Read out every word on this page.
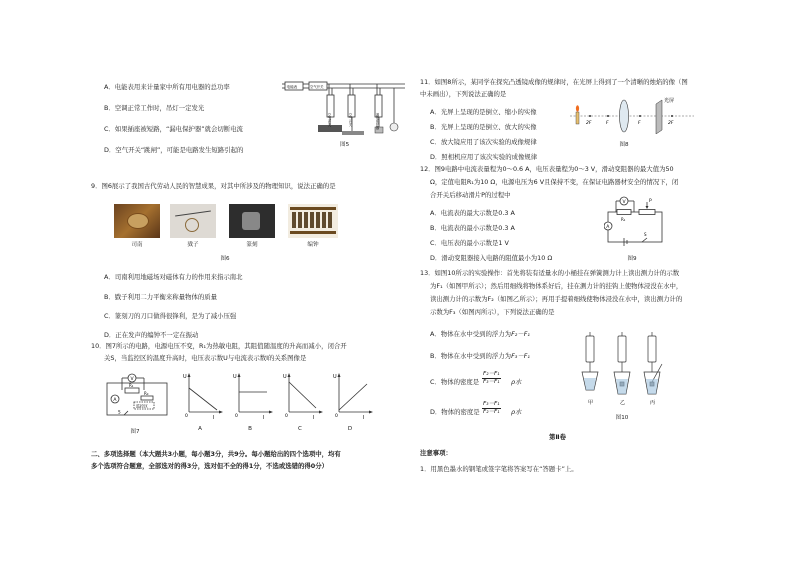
A．电能表用来计量家中所有用电器的总功率
B．空调正常工作时，吊灯一定发光
C．如果插座被短路，“漏电保护器”就会切断电流
D．空气开关“跳闸”，可能是电路发生短路引起的
电能表	空气开关
空气开关	空气开关	漏电保护器
图5
9．图6展示了我国古代劳动人民的智慧成果，对其中所涉及的物理知识，说法正确的是
司南	戥子	篆刻	编钟
图6
A．司南利用地磁场对磁体有力的作用来指示南北
B．戥子利用二力平衡来称量物体的质量
C．篆刻刀的刀口做得很锋利，是为了减小压强
D．正在发声的编钟不一定在振动
10．图7所示的电路，电源电压不变，R₁为热敏电阻，其阻值随温度的升高而减小，闭合开
关S，当监控区的温度升高时，电压表示数U与电流表示数I的关系图像是
V
A
R₁
R₀
监控区
S
图7
U
I
0
U
I
0
U
I
0
U
I
0
A	B	C	D
二、多项选择题（本大题共3小题，每小题3分，共9分。每小题给出的四个选项中，均有
多个选项符合题意，全部选对的得3分，选对但不全的得1分，不选或选错的得0分）
11．如图8所示，某同学在探究凸透镜成像的规律时，在光屏上得到了一个清晰的烛焰的像（图
中未画出），下列说法正确的是
A．光屏上呈现的是倒立、缩小的实像
B．光屏上呈现的是倒立、放大的实像
C．放大镜应用了该次实验的成像规律
D．照相机应用了该次实验的成像规律
光屏
2F	F	F	2F
图8
12．图9电路中电流表量程为0～0.6 A，电压表量程为0～3 V，滑动变阻器的最大值为50
Ω，定值电阻R₁为10 Ω，电源电压为6 V且保持不变，在保证电路器材安全的情况下，闭
合开关后移动滑片P的过程中
A．电流表的最大示数是0.3 A
B．电流表的最小示数是0.3 A
C．电压表的最小示数是1 V
D．滑动变阻器接入电路的阻值最小为10 Ω
V
A
R₁
P
S
图9
13．如图10所示的实验操作：首先将装有适量水的小桶挂在弹簧测力计上读出测力计的示数
为F₁（如图甲所示）；然后用细线将物体系好后，挂在测力计的挂钩上使物体浸没在水中，
读出测力计的示数为F₂（如图乙所示）；再用手提着细线使物体浸没在水中，读出测力计的
示数为F₃（如图丙所示），下列说法正确的是
A．物体在水中受到的浮力为F₂－F₁
B．物体在水中受到的浮力为F₃－F₁
C．物体的密度是 $\frac{\text{F₂－F₁}}{\text{F₃－F₁}}$ ρ水
D．物体的密度是 $\frac{\text{F₃－F₁}}{\text{F₂－F₁}}$ ρ水
甲	乙	丙
图10
第Ⅱ卷
注意事项：
1．用黑色墨水的钢笔或签字笔将答案写在“答题卡”上。
